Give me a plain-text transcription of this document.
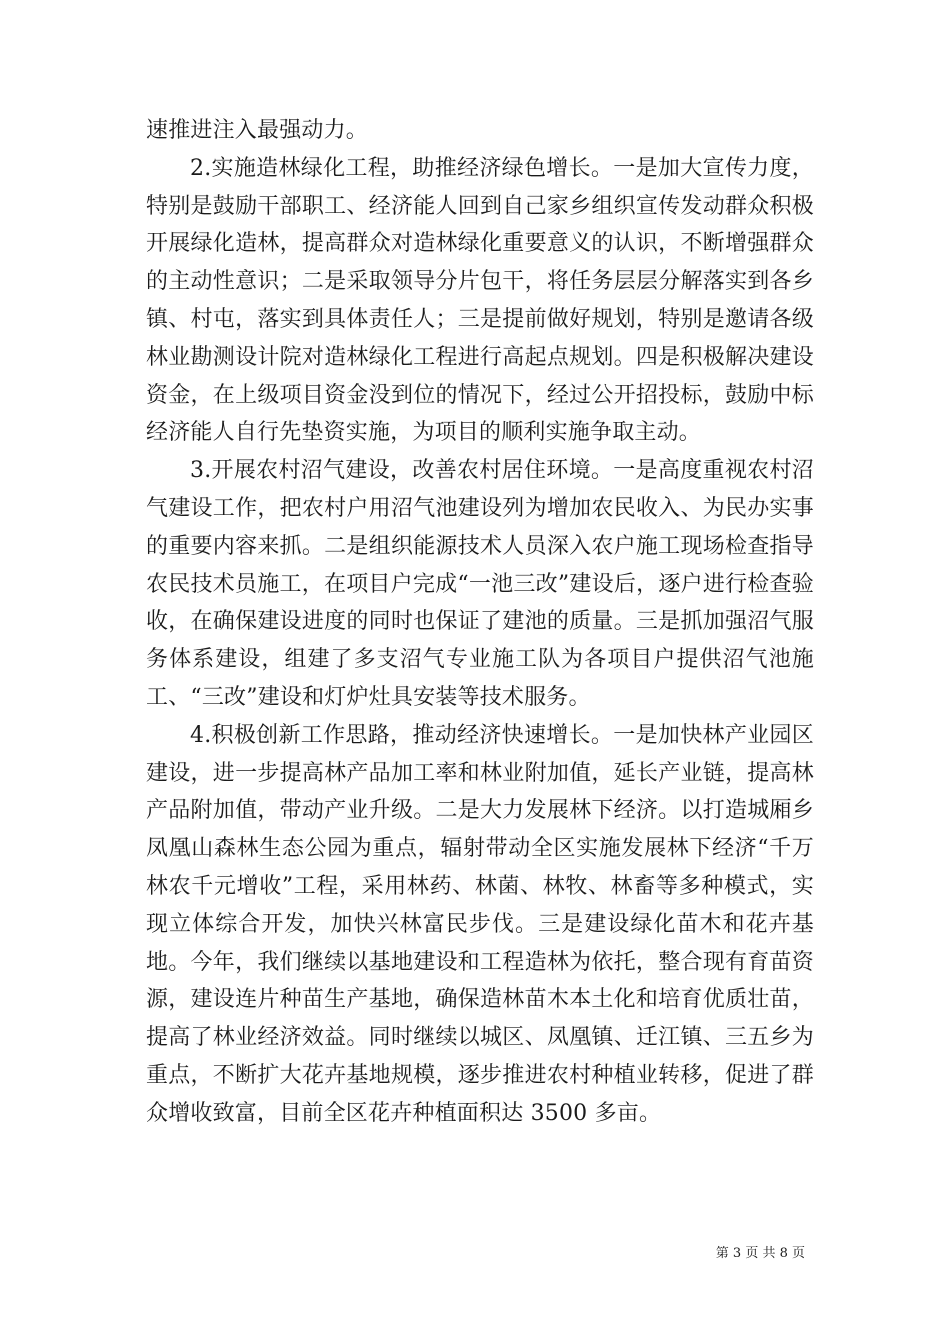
速推进注入最强动力。

2.实施造林绿化工程，助推经济绿色增长。一是加大宣传力度，特别是鼓励干部职工、经济能人回到自己家乡组织宣传发动群众积极开展绿化造林，提高群众对造林绿化重要意义的认识，不断增强群众的主动性意识；二是采取领导分片包干，将任务层层分解落实到各乡镇、村屯，落实到具体责任人；三是提前做好规划，特别是邀请各级林业勘测设计院对造林绿化工程进行高起点规划。四是积极解决建设资金，在上级项目资金没到位的情况下，经过公开招投标，鼓励中标经济能人自行先垫资实施，为项目的顺利实施争取主动。

3.开展农村沼气建设，改善农村居住环境。一是高度重视农村沼气建设工作，把农村户用沼气池建设列为增加农民收入、为民办实事的重要内容来抓。二是组织能源技术人员深入农户施工现场检查指导农民技术员施工，在项目户完成“一池三改”建设后，逐户进行检查验收，在确保建设进度的同时也保证了建池的质量。三是抓加强沼气服务体系建设，组建了多支沼气专业施工队为各项目户提供沼气池施工、“三改”建设和灯炉灶具安装等技术服务。

4.积极创新工作思路，推动经济快速增长。一是加快林产业园区建设，进一步提高林产品加工率和林业附加值，延长产业链，提高林产品附加值，带动产业升级。二是大力发展林下经济。以打造城厢乡凤凰山森林生态公园为重点，辐射带动全区实施发展林下经济“千万林农千元增收”工程，采用林药、林菌、林牧、林畜等多种模式，实现立体综合开发，加快兴林富民步伐。三是建设绿化苗木和花卉基地。今年，我们继续以基地建设和工程造林为依托，整合现有育苗资源，建设连片种苗生产基地，确保造林苗木本土化和培育优质壮苗，提高了林业经济效益。同时继续以城区、凤凰镇、迁江镇、三五乡为重点，不断扩大花卉基地规模，逐步推进农村种植业转移，促进了群众增收致富，目前全区花卉种植面积达 3500 多亩。

第 3 页 共 8 页
